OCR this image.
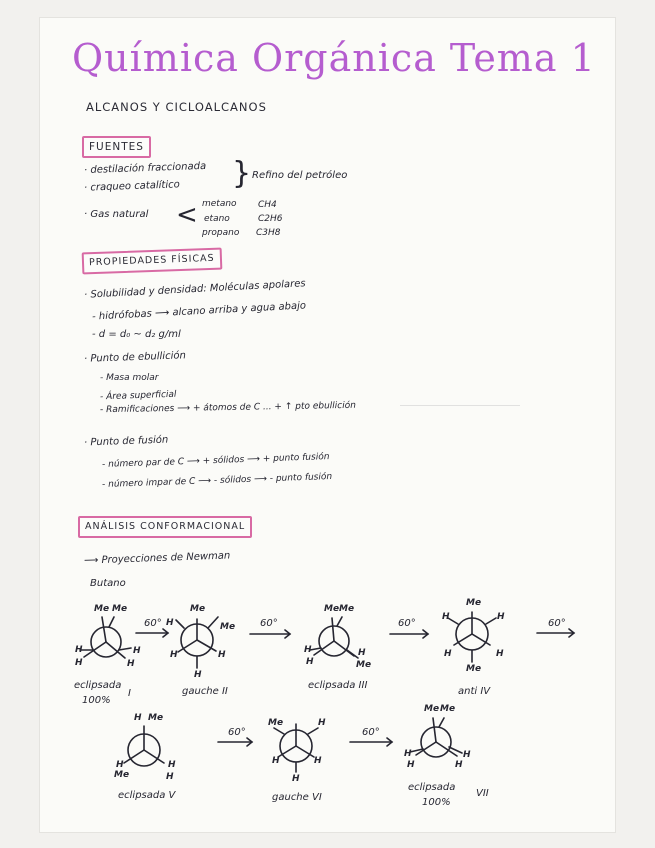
Química Orgánica Tema 1
ALCANOS Y CICLOALCANOS
FUENTES
· destilación fraccionada
· craqueo catalítico } Refino del petróleo
· Gas natural < metano CH4
etano	C2H6
propano C3H8
PROPIEDADES FÍSICAS
· Solubilidad y densidad: Moléculas apolares
- hidrófobas ⟶ alcano arriba y agua abajo
- d = d₀ ~ d₂ g/ml
· Punto de ebullición
- Masa molar
- Área superficial
- Ramificaciones ⟶ + átomos de C ... + ↑ pto ebullición
· Punto de fusión
- número par de C ⟶ + sólidos ⟶ + punto fusión
- número impar de C ⟶ - sólidos ⟶ - punto fusión
ANÁLISIS CONFORMACIONAL
⟶ Proyecciones de Newman
Butano
60°	60°	60°	60°
60°	60°
Me Me
H
H
H
H
Me
Me
H
H	H
H
Me Me
H
H
H
Me
Me
H	H
H	H
Me
H Me
H
Me
H
H
Me	H
H	H
H
Me Me
H
H
H
H
eclipsada
100%
I	gauche II
eclipsada III
anti IV
eclipsada V	gauche VI
eclipsada
100%
VII
